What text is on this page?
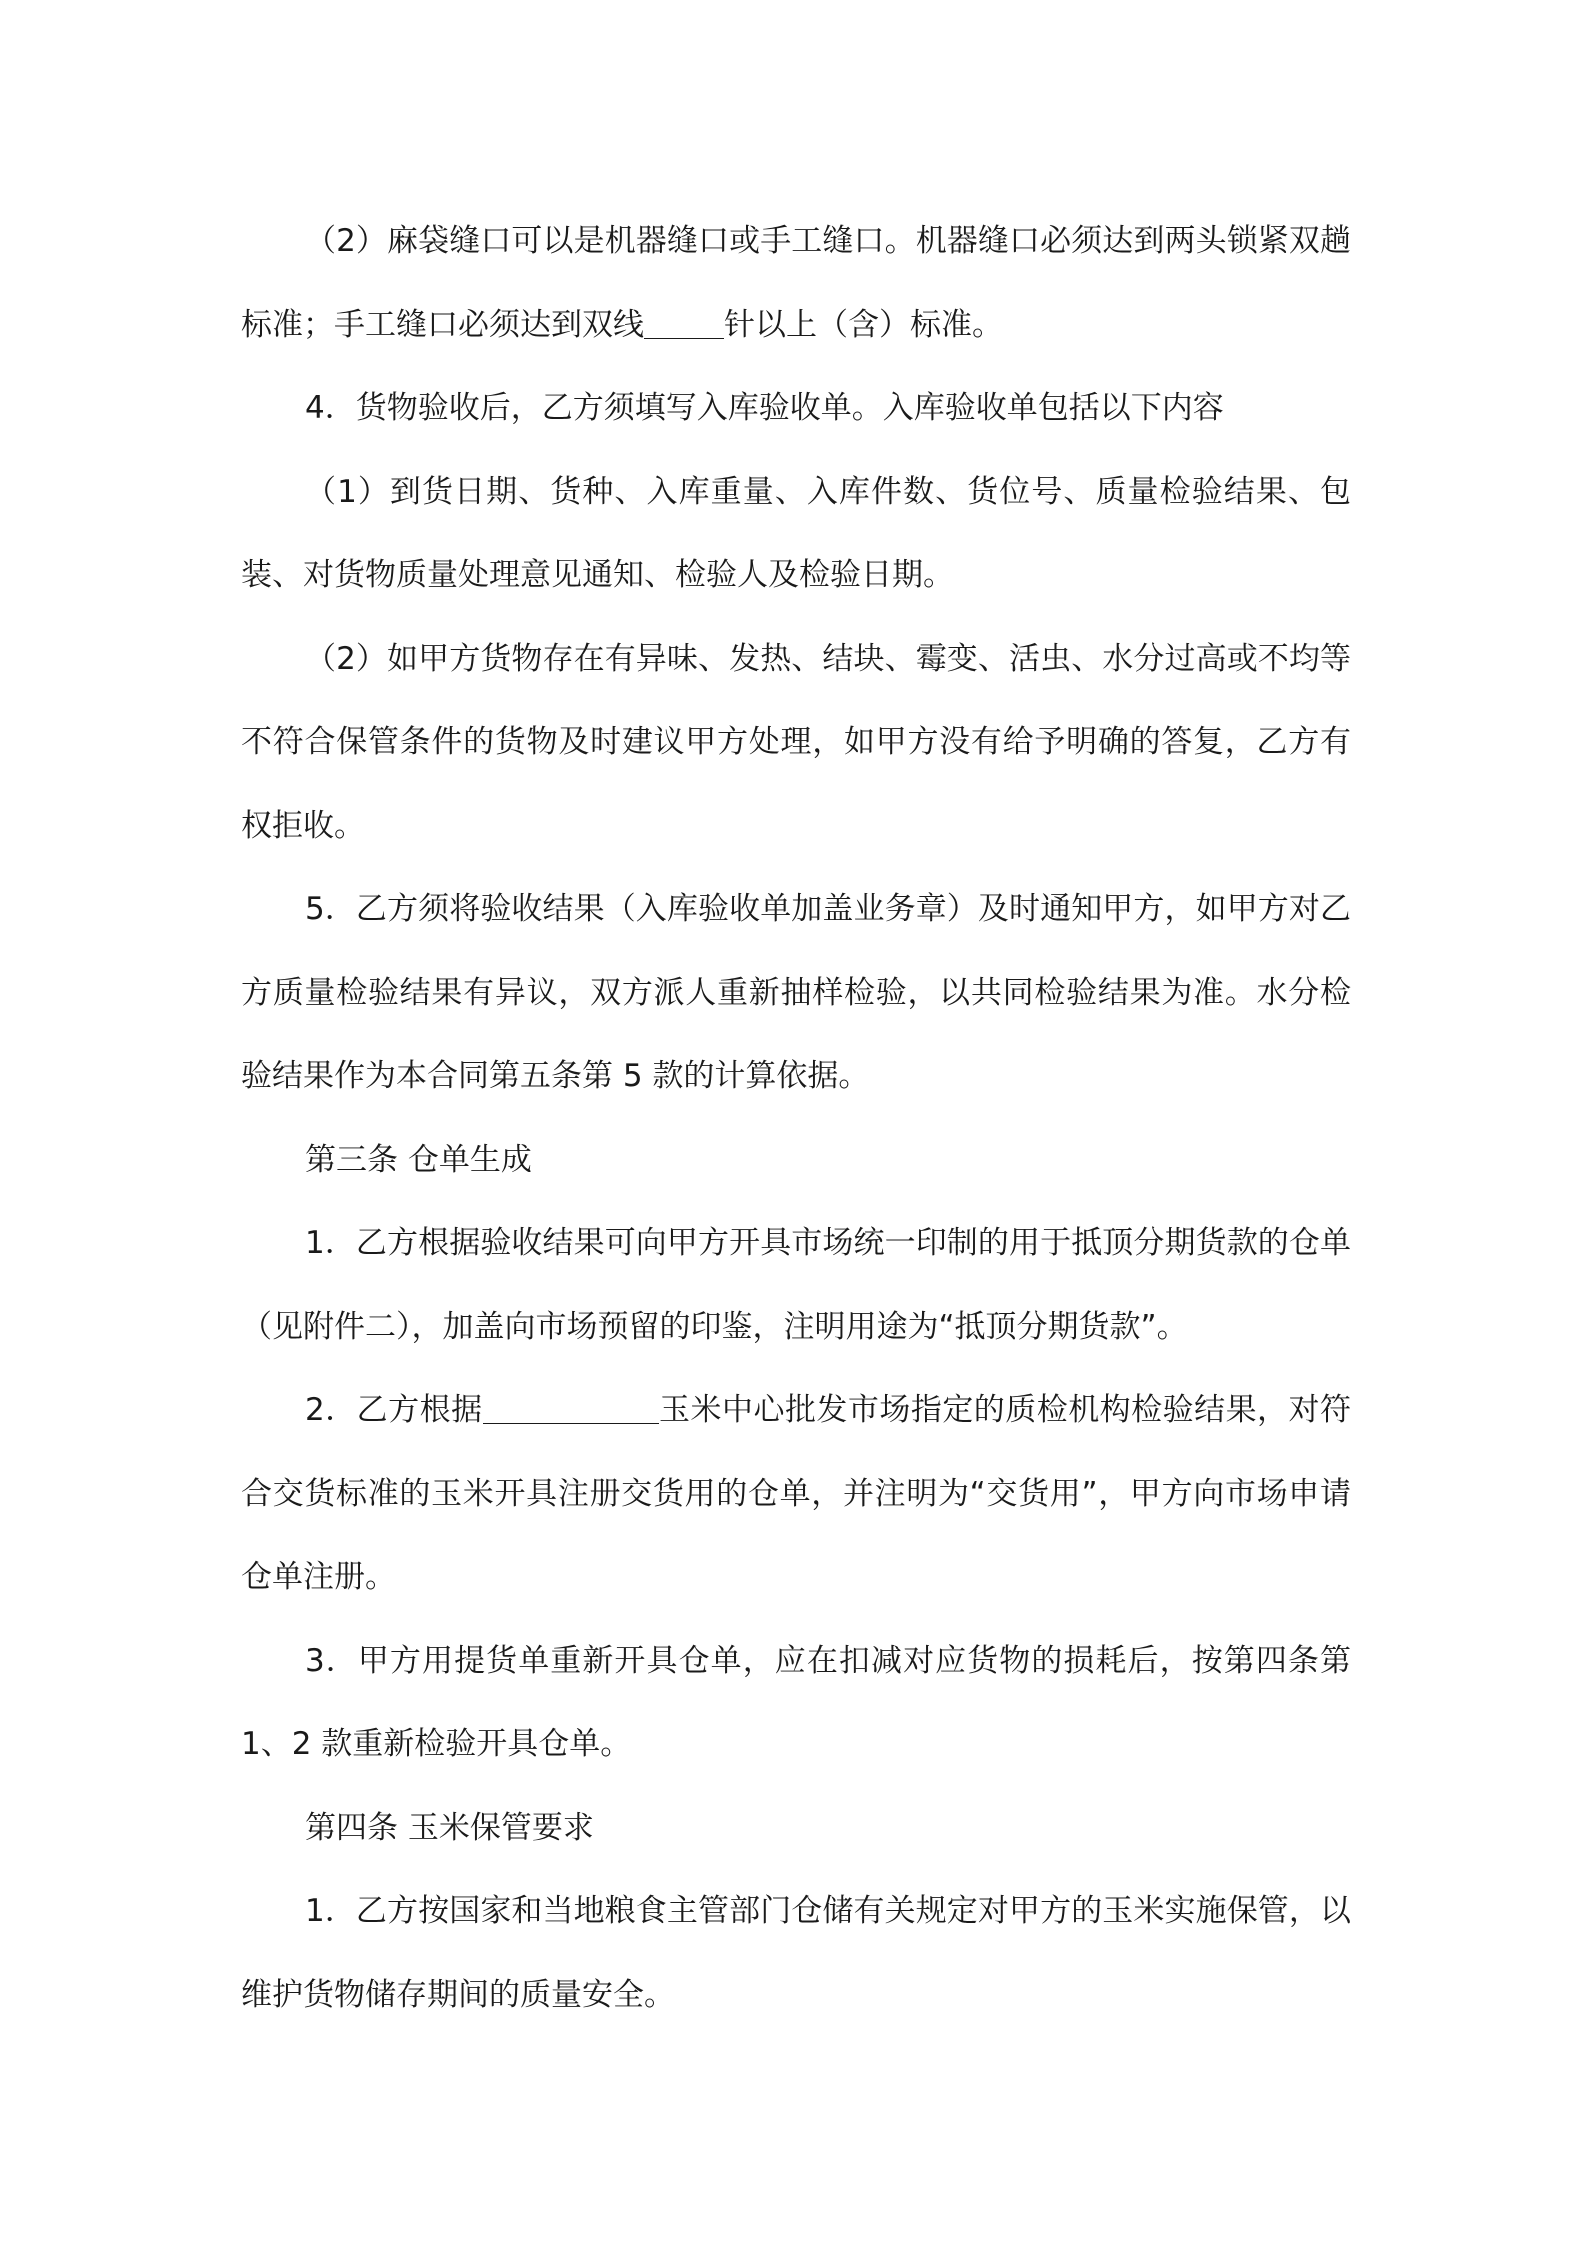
（2）麻袋缝口可以是机器缝口或手工缝口。机器缝口必须达到两头锁紧双趟标准；手工缝口必须达到双线	针以上（含）标准。

4．货物验收后，乙方须填写入库验收单。入库验收单包括以下内容

（1）到货日期、货种、入库重量、入库件数、货位号、质量检验结果、包装、对货物质量处理意见通知、检验人及检验日期。

（2）如甲方货物存在有异味、发热、结块、霉变、活虫、水分过高或不均等不符合保管条件的货物及时建议甲方处理，如甲方没有给予明确的答复，乙方有权拒收。

5．乙方须将验收结果（入库验收单加盖业务章）及时通知甲方，如甲方对乙方质量检验结果有异议，双方派人重新抽样检验，以共同检验结果为准。水分检验结果作为本合同第五条第 5 款的计算依据。

第三条 仓单生成

1．乙方根据验收结果可向甲方开具市场统一印制的用于抵顶分期货款的仓单（见附件二），加盖向市场预留的印鉴，注明用途为“抵顶分期货款”。

2．乙方根据	玉米中心批发市场指定的质检机构检验结果，对符合交货标准的玉米开具注册交货用的仓单，并注明为“交货用”，甲方向市场申请仓单注册。

3．甲方用提货单重新开具仓单，应在扣减对应货物的损耗后，按第四条第 1、2 款重新检验开具仓单。

第四条 玉米保管要求

1．乙方按国家和当地粮食主管部门仓储有关规定对甲方的玉米实施保管，以维护货物储存期间的质量安全。
